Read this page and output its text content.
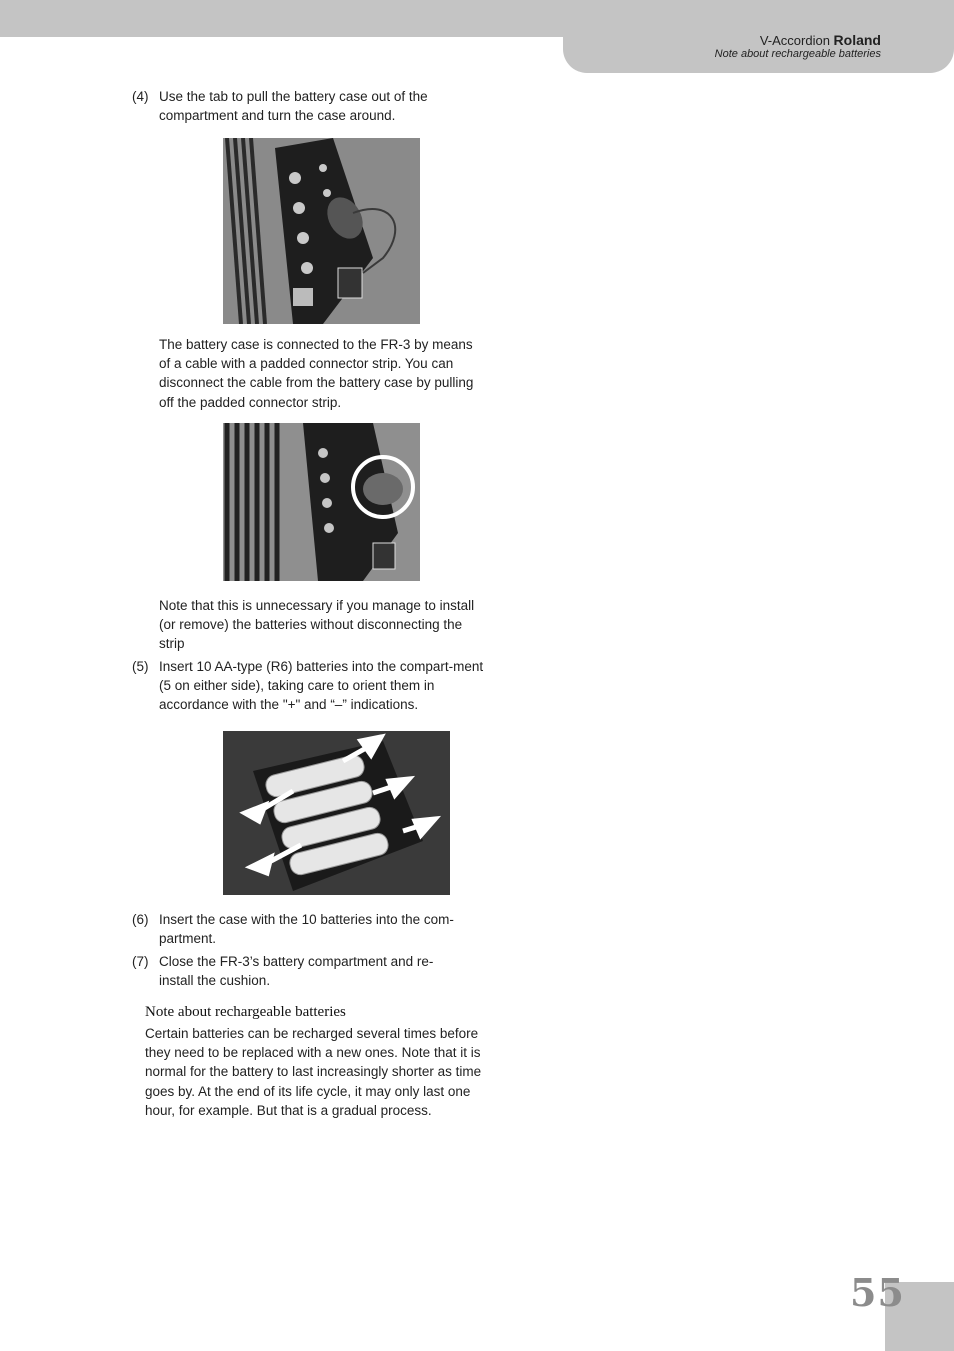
V-Accordion Roland
Note about rechargeable batteries
(4) Use the tab to pull the battery case out of the compartment and turn the case around.
The battery case is connected to the FR-3 by means of a cable with a padded connector strip. You can disconnect the cable from the battery case by pulling off the padded connector strip.
Note that this is unnecessary if you manage to install (or remove) the batteries without disconnecting the strip
(5) Insert 10 AA-type (R6) batteries into the compart-ment (5 on either side), taking care to orient them in accordance with the "+" and “–” indications.
(6) Insert the case with the 10 batteries into the com-partment.
(7) Close the FR-3’s battery compartment and re-install the cushion.
Note about rechargeable batteries
Certain batteries can be recharged several times before they need to be replaced with a new ones. Note that it is normal for the battery to last increasingly shorter as time goes by. At the end of its life cycle, it may only last one hour, for example. But that is a gradual process.
55
